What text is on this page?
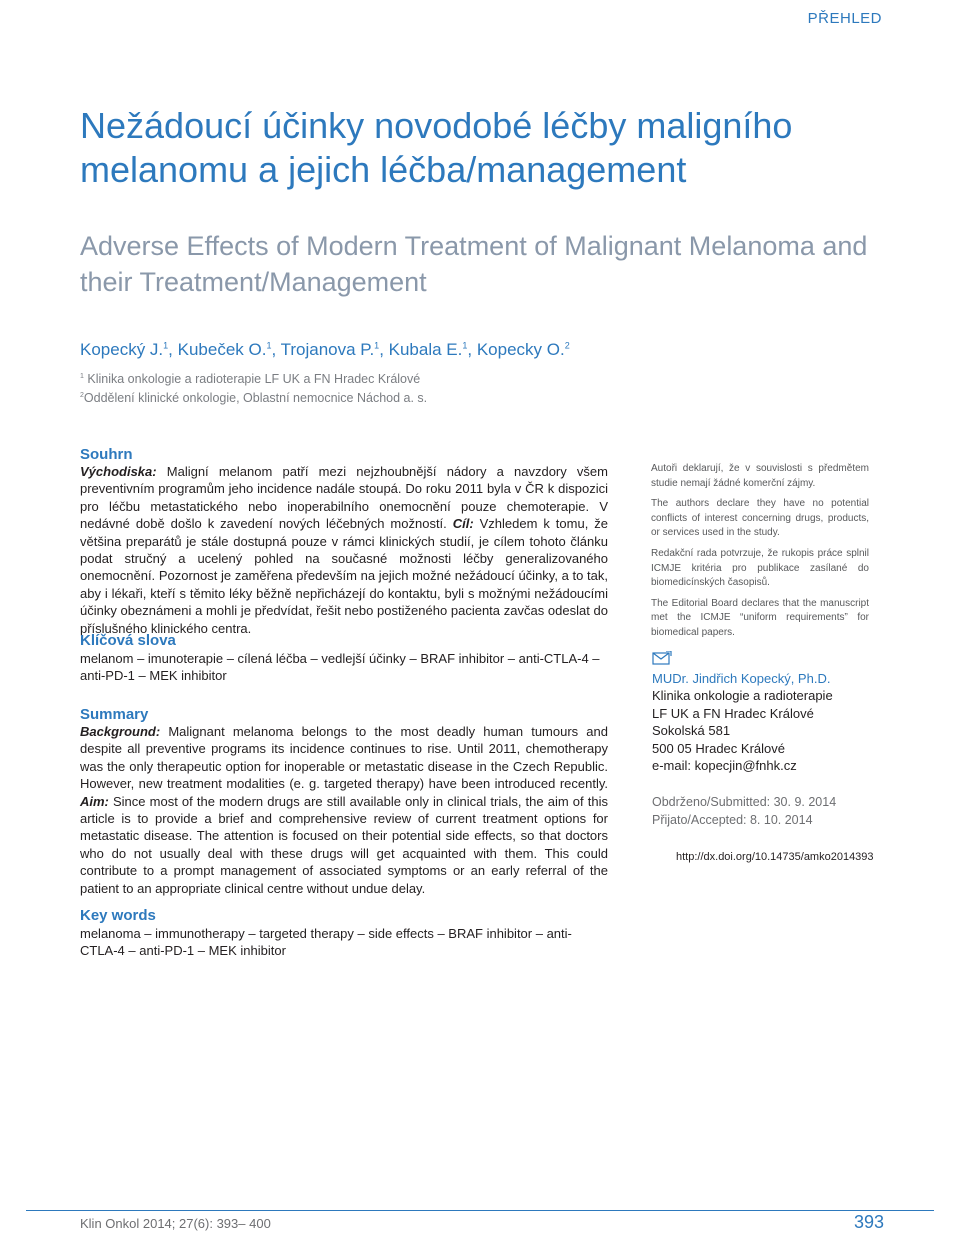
PŘEHLED
Nežádoucí účinky novodobé léčby maligního melanomu a jejich léčba/management
Adverse Effects of Modern Treatment of Malignant Melanoma and their Treatment/Management
Kopecký J.$^1$, Kubeček O.$^1$, Trojanova P.$^1$, Kubala E.$^1$, Kopecky O.$^2$
$^1$ Klinika onkologie a radioterapie LF UK a FN Hradec Králové
$^2$Oddělení klinické onkologie, Oblastní nemocnice Náchod a. s.
Souhrn
Východiska: Maligní melanom patří mezi nejzhoubnější nádory a navzdory všem preventivním programům jeho incidence nadále stoupá. Do roku 2011 byla v ČR k dispozici pro léčbu metastatického nebo inoperabilního onemocnění pouze chemoterapie. V nedávné době došlo k zavedení nových léčebných možností. Cíl: Vzhledem k tomu, že většina preparátů je stále dostupná pouze v rámci klinických studií, je cílem tohoto článku podat stručný a ucelený pohled na současné možnosti léčby generalizovaného onemocnění. Pozornost je zaměřena především na jejich možné nežádoucí účinky, a to tak, aby i lékaři, kteří s těmito léky běžně nepřicházejí do kontaktu, byli s možnými nežádoucími účinky obeznámeni a mohli je předvídat, řešit nebo postiženého pacienta zavčas odeslat do příslušného klinického centra.
Klíčová slova
melanom – imunoterapie – cílená léčba – vedlejší účinky – BRAF inhibitor – anti-CTLA-4 – anti-PD-1 – MEK inhibitor
Summary
Background: Malignant melanoma belongs to the most deadly human tumours and despite all preventive programs its incidence continues to rise. Until 2011, chemotherapy was the only therapeutic option for inoperable or metastatic disease in the Czech Republic. However, new treatment modalities (e. g. targeted therapy) have been introduced recently. Aim: Since most of the modern drugs are still available only in clinical trials, the aim of this article is to provide a brief and comprehensive review of current treatment options for metastatic disease. The attention is focused on their potential side effects, so that doctors who do not usually deal with these drugs will get acquainted with them. This could contribute to a prompt management of associated symptoms or an early referral of the patient to an appropriate clinical centre without undue delay.
Key words
melanoma – immunotherapy – targeted therapy – side effects – BRAF inhibitor – anti-CTLA-4 – anti-PD-1 – MEK inhibitor

Autoři deklarují, že v souvislosti s předmětem studie nemají žádné komerční zájmy.

The authors declare they have no potential conflicts of interest concerning drugs, products, or services used in the study.

Redakční rada potvrzuje, že rukopis práce splnil ICMJE kritéria pro publikace zasílané do biomedicínských časopisů.

The Editorial Board declares that the manuscript met the ICMJE “uniform requirements” for biomedical papers.

MUDr. Jindřich Kopecký, Ph.D.
Klinika onkologie a radioterapie
LF UK a FN Hradec Králové
Sokolská 581
500 05 Hradec Králové
e-mail: kopecjin@fnhk.cz
Obdrženo/Submitted: 30. 9. 2014
Přijato/Accepted: 8. 10. 2014
http://dx.doi.org/10.14735/amko2014393
Klin Onkol 2014; 27(6): 393– 400	393
